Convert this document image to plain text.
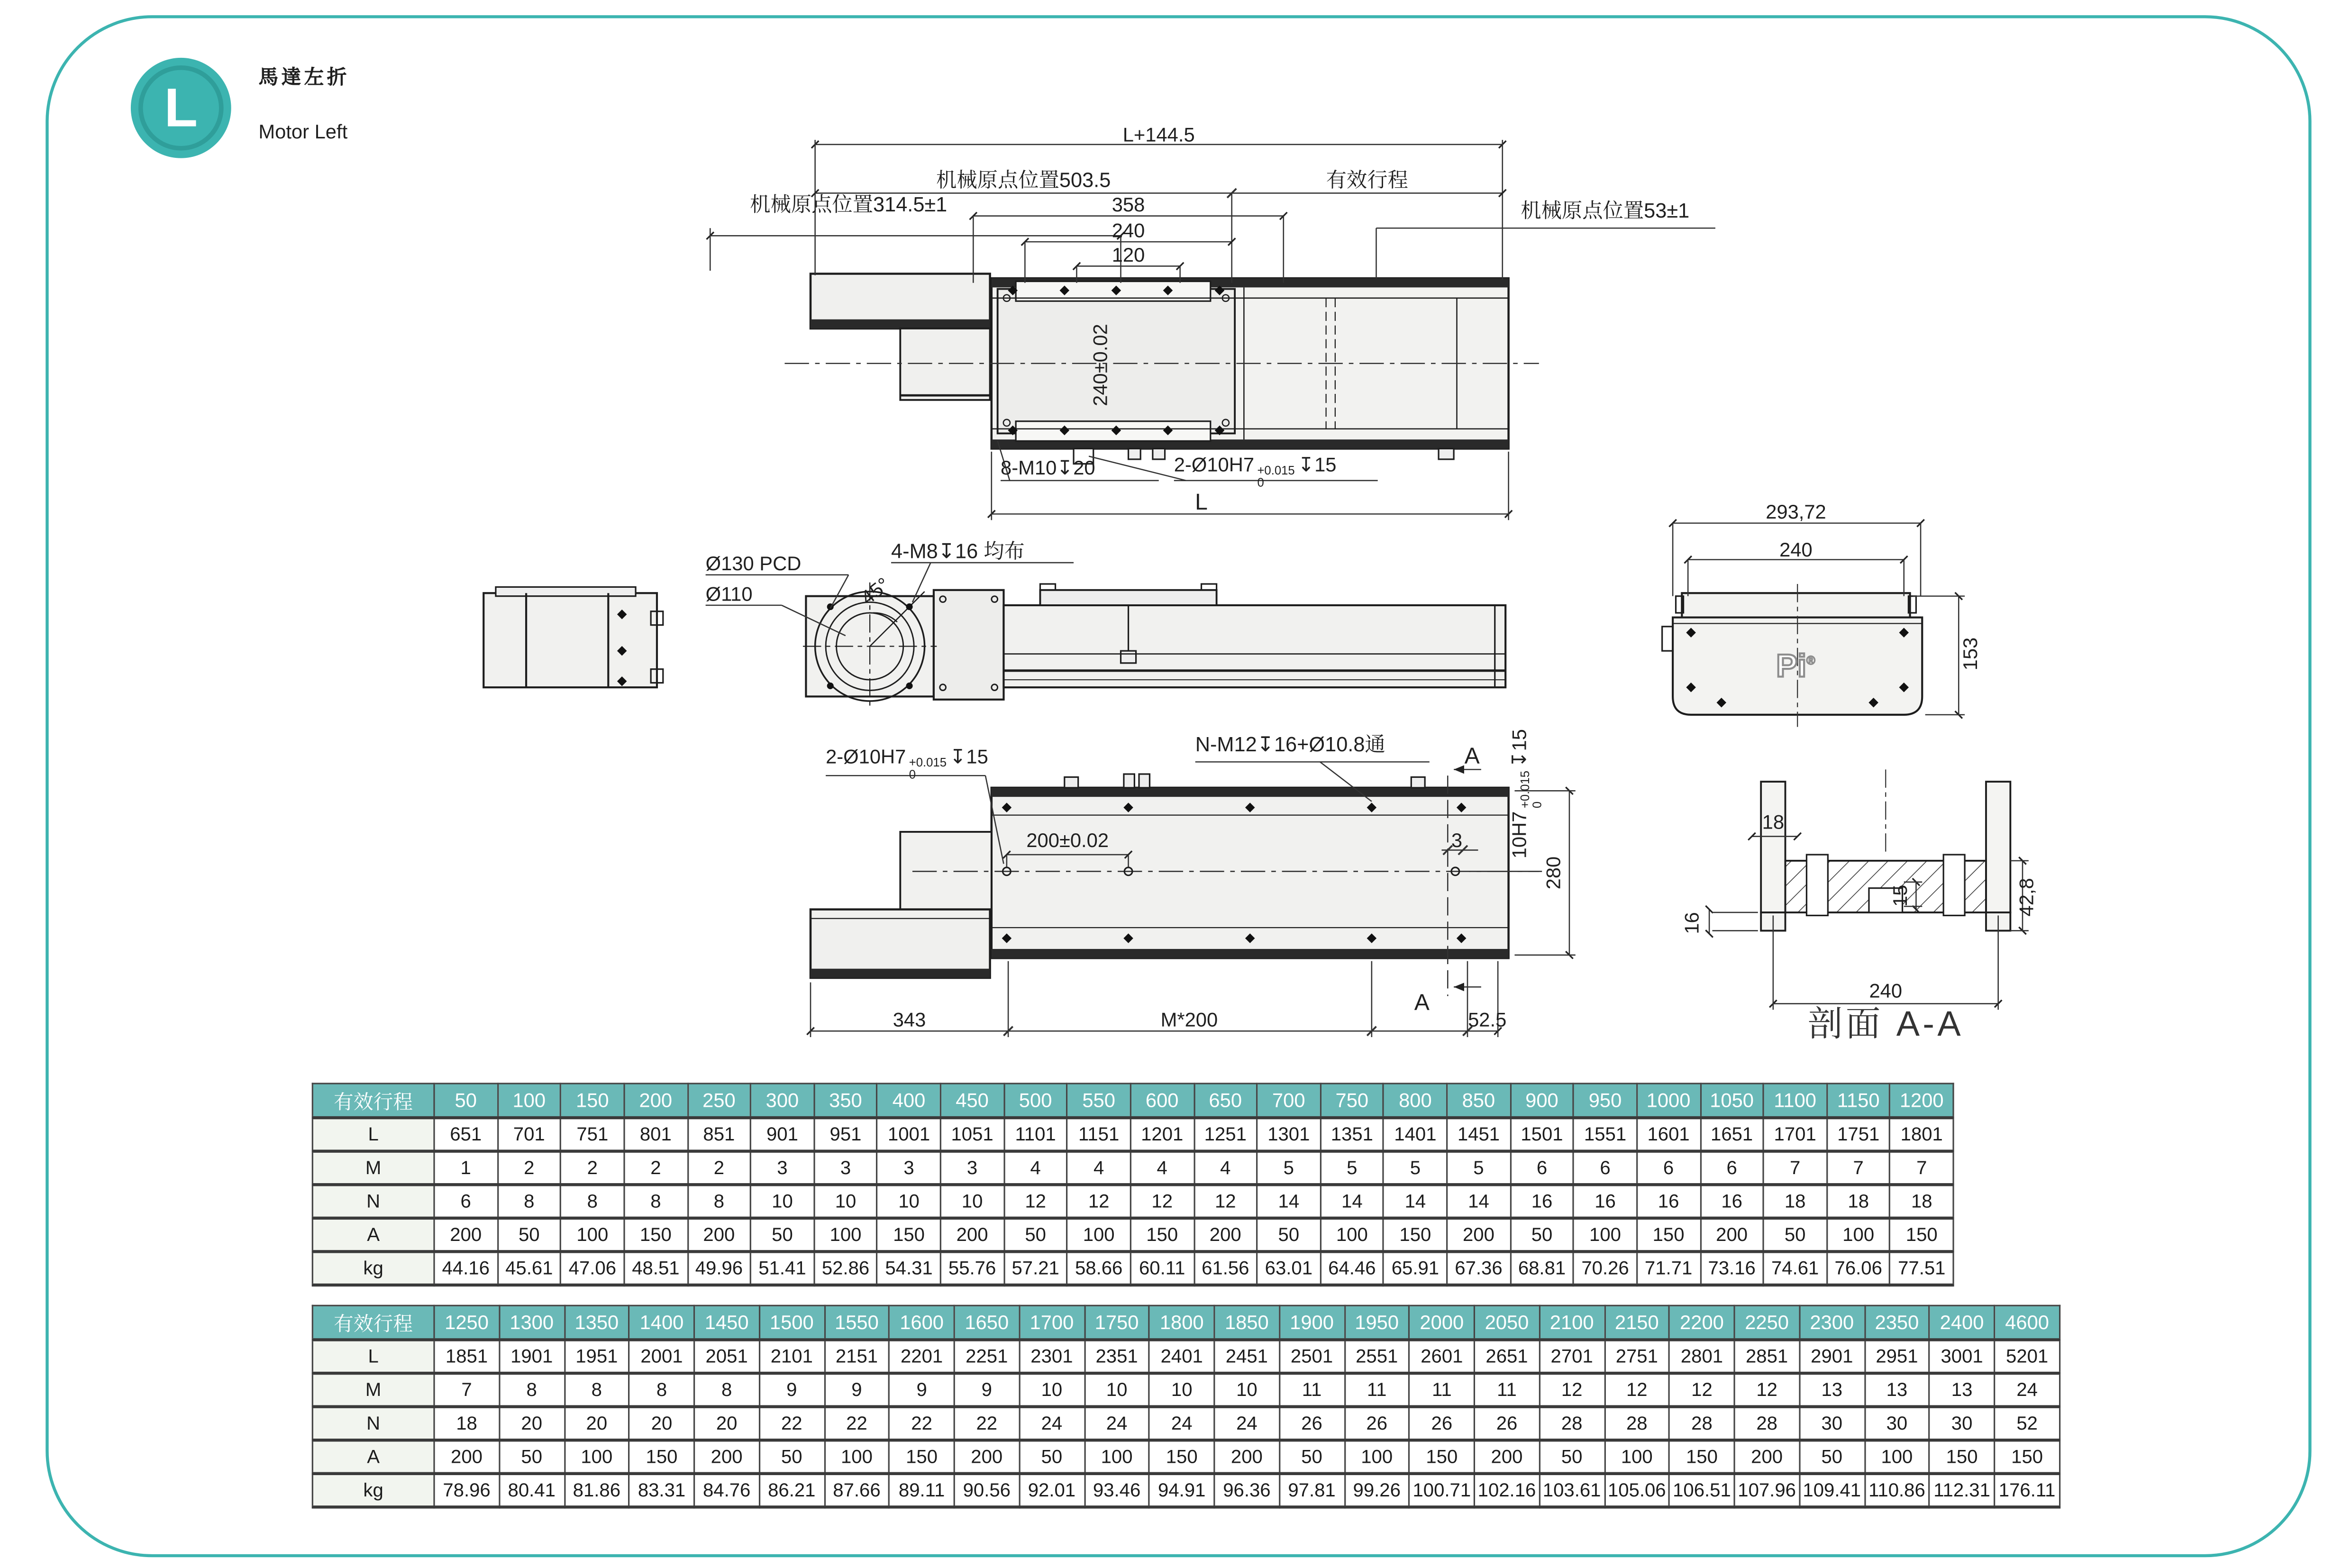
L	馬達左折
Motor Left	L+144.5
机械原点位置503.5	有效行程
358
机械原点位置314.5±1
240
120
机械原点位置53±1
240±0.02
8-M10↧20	2-Ø10H7 +0.015
0
↧15
L
Ø130 PCD
Ø110
4-M8↧16 均布
45°
293,72
240
153
Pi®
2-Ø10H7 +0.015
0
↧15
N-M12↧16+Ø10.8通
200±0.02
A
A
3	10H7
+0.015
0
↧15
280
343	M*200	52.5
18
16
240
15	42,8
剖面 A-A
有效行程	50	100	150	200	250	300	350	400	450	500	550	600	650	700	750	800	850	900	950	1000	1050	1100	1150	1200
L	651	701	751	801	851	901	951	1001	1051	1101	1151	1201	1251	1301	1351	1401	1451	1501	1551	1601	1651	1701	1751	1801
M	1	2	2	2	2	3	3	3	3	4	4	4	4	5	5	5	5	6	6	6	6	7	7	7
N	6	8	8	8	8	10	10	10	10	12	12	12	12	14	14	14	14	16	16	16	16	18	18	18
A	200	50	100	150	200	50	100	150	200	50	100	150	200	50	100	150	200	50	100	150	200	50	100	150
kg	44.16	45.61	47.06	48.51	49.96	51.41	52.86	54.31	55.76	57.21	58.66	60.11	61.56	63.01	64.46	65.91	67.36	68.81	70.26	71.71	73.16	74.61	76.06	77.51
有效行程	1250	1300	1350	1400	1450	1500	1550	1600	1650	1700	1750	1800	1850	1900	1950	2000	2050	2100	2150	2200	2250	2300	2350	2400	4600
L	1851	1901	1951	2001	2051	2101	2151	2201	2251	2301	2351	2401	2451	2501	2551	2601	2651	2701	2751	2801	2851	2901	2951	3001	5201
M	7	8	8	8	8	9	9	9	9	10	10	10	10	11	11	11	11	12	12	12	12	13	13	13	24
N	18	20	20	20	20	22	22	22	22	24	24	24	24	26	26	26	26	28	28	28	28	30	30	30	52
A	200	50	100	150	200	50	100	150	200	50	100	150	200	50	100	150	200	50	100	150	200	50	100	150	150
kg	78.96	80.41	81.86	83.31	84.76	86.21	87.66	89.11	90.56	92.01	93.46	94.91	96.36	97.81	99.26	100.71	102.16	103.61	105.06	106.51	107.96	109.41	110.86	112.31	176.11
